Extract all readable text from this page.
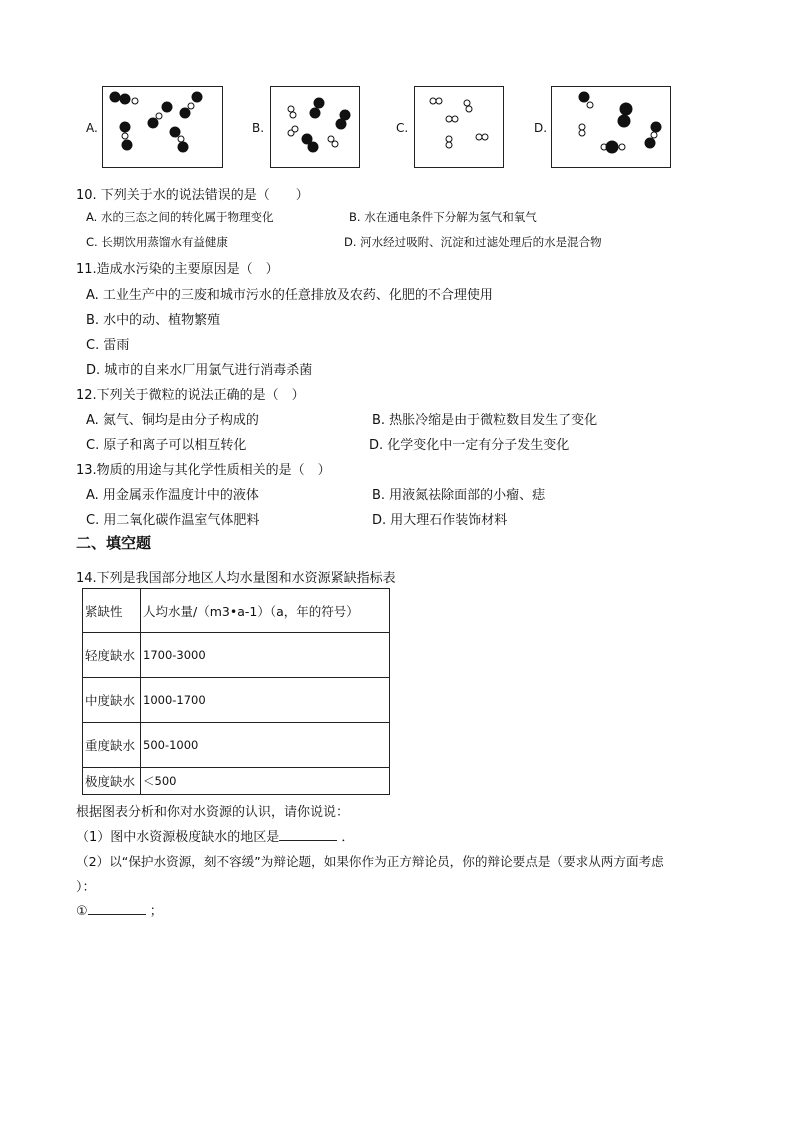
A.	B.	C.	D.
10. 下列关于水的说法错误的是（　　）
A. 水的三态之间的转化属于物理变化	B. 水在通电条件下分解为氢气和氧气
C. 长期饮用蒸馏水有益健康	D. 河水经过吸附、沉淀和过滤处理后的水是混合物
11.造成水污染的主要原因是（　）
A. 工业生产中的三废和城市污水的任意排放及农药、化肥的不合理使用
B. 水中的动、植物繁殖
C. 雷雨
D. 城市的自来水厂用氯气进行消毒杀菌
12.下列关于微粒的说法正确的是（　）
A. 氮气、铜均是由分子构成的	B. 热胀冷缩是由于微粒数目发生了变化
C. 原子和离子可以相互转化	D. 化学变化中一定有分子发生变化
13.物质的用途与其化学性质相关的是（　）
A. 用金属汞作温度计中的液体	B. 用液氮祛除面部的小瘤、痣
C. 用二氧化碳作温室气体肥料	D. 用大理石作装饰材料
二、填空题
14.下列是我国部分地区人均水量图和水资源紧缺指标表
紧缺性	人均水量/（m3•a-1）（a，年的符号）
轻度缺水	1700-3000
中度缺水	1000-1700
重度缺水	500-1000
极度缺水	＜500
根据图表分析和你对水资源的认识，请你说说：
（1）图中水资源极度缺水的地区是	．
（2）以“保护水资源，刻不容缓”为辩论题，如果你作为正方辩论员，你的辩论要点是（要求从两方面考虑
）：
①	；
